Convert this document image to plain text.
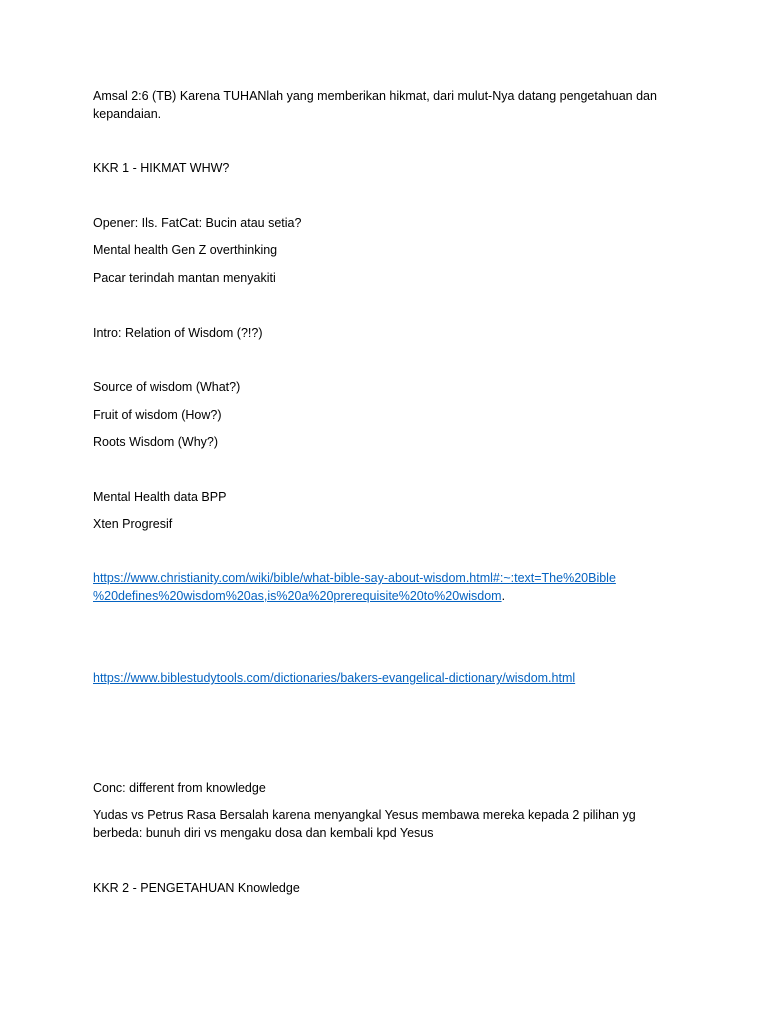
Amsal 2:6 (TB) Karena TUHANlah yang memberikan hikmat, dari mulut-Nya datang pengetahuan dan
kepandaian.

KKR 1 - HIKMAT WHW?

Opener: Ils. FatCat: Bucin atau setia?

Mental health Gen Z overthinking

Pacar terindah mantan menyakiti

Intro: Relation of Wisdom (?!?)

Source of wisdom (What?)

Fruit of wisdom (How?)

Roots Wisdom (Why?)

Mental Health data BPP

Xten Progresif

https://www.christianity.com/wiki/bible/what-bible-say-about-wisdom.html#:~:text=The%20Bible
%20defines%20wisdom%20as,is%20a%20prerequisite%20to%20wisdom.

https://www.biblestudytools.com/dictionaries/bakers-evangelical-dictionary/wisdom.html

Conc: different from knowledge

Yudas vs Petrus Rasa Bersalah karena menyangkal Yesus membawa mereka kepada 2 pilihan yg
berbeda: bunuh diri vs mengaku dosa dan kembali kpd Yesus

KKR 2 - PENGETAHUAN Knowledge
